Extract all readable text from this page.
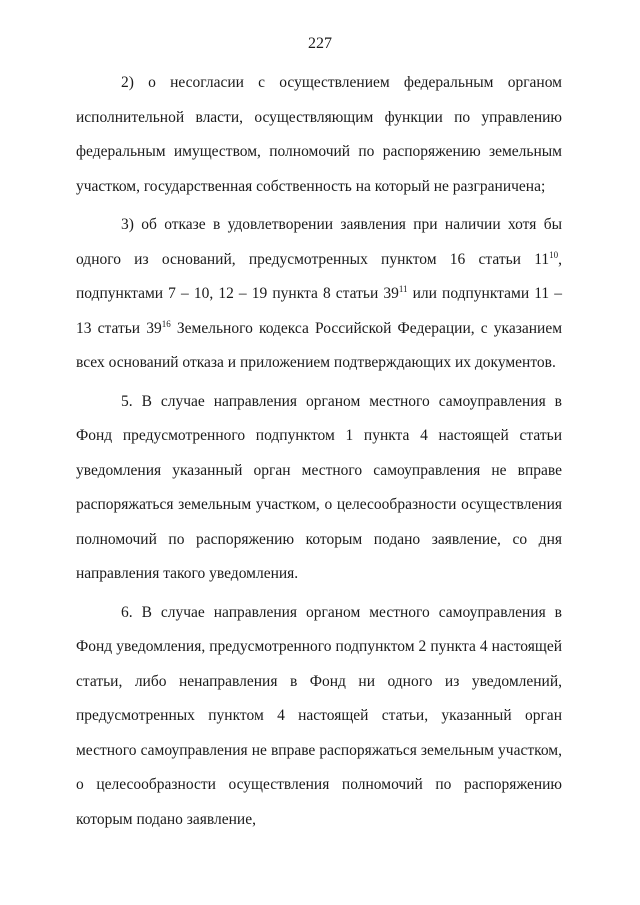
227

2) о несогласии с осуществлением федеральным органом исполнительной власти, осуществляющим функции по управлению федеральным имуществом, полномочий по распоряжению земельным участком, государственная собственность на который не разграничена;

3) об отказе в удовлетворении заявления при наличии хотя бы одного из оснований, предусмотренных пунктом 16 статьи $11^{10}$, подпунктами 7 – 10, 12 – 19 пункта 8 статьи $39^{11}$ или подпунктами 11 – 13 статьи $39^{16}$ Земельного кодекса Российской Федерации, с указанием всех оснований отказа и приложением подтверждающих их документов.

5. В случае направления органом местного самоуправления в Фонд предусмотренного подпунктом 1 пункта 4 настоящей статьи уведомления указанный орган местного самоуправления не вправе распоряжаться земельным участком, о целесообразности осуществления полномочий по распоряжению которым подано заявление, со дня направления такого уведомления.

6. В случае направления органом местного самоуправления в Фонд уведомления, предусмотренного подпунктом 2 пункта 4 настоящей статьи, либо ненаправления в Фонд ни одного из уведомлений, предусмотренных пунктом 4 настоящей статьи, указанный орган местного самоуправления не вправе распоряжаться земельным участком, о целесообразности осуществления полномочий по распоряжению которым подано заявление,
